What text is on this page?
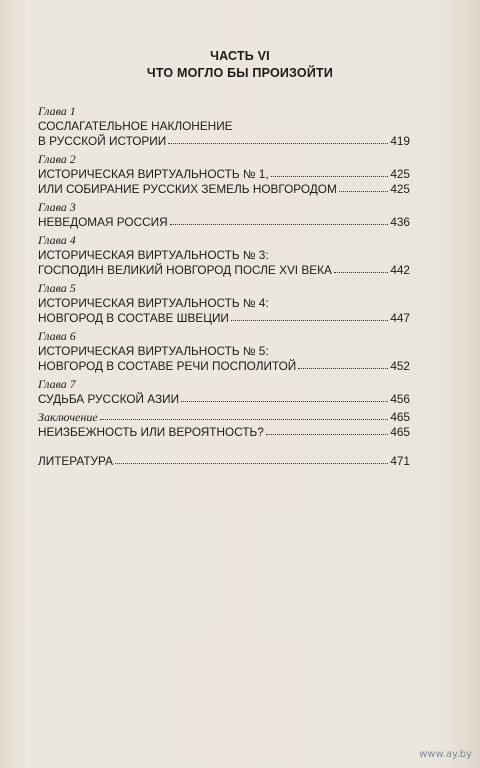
ЧАСТЬ VI
ЧТО МОГЛО БЫ ПРОИЗОЙТИ
Глава 1
СОСЛАГАТЕЛЬНОЕ НАКЛОНЕНИЕ
В РУССКОЙ ИСТОРИИ	419
Глава 2
ИСТОРИЧЕСКАЯ ВИРТУАЛЬНОСТЬ № 1,	425
ИЛИ СОБИРАНИЕ РУССКИХ ЗЕМЕЛЬ НОВГОРОДОМ	425
Глава 3
НЕВЕДОМАЯ РОССИЯ	436
Глава 4
ИСТОРИЧЕСКАЯ ВИРТУАЛЬНОСТЬ № 3:
ГОСПОДИН ВЕЛИКИЙ НОВГОРОД ПОСЛЕ XVI ВЕКА	442
Глава 5
ИСТОРИЧЕСКАЯ ВИРТУАЛЬНОСТЬ № 4:
НОВГОРОД В СОСТАВЕ ШВЕЦИИ	447
Глава 6
ИСТОРИЧЕСКАЯ ВИРТУАЛЬНОСТЬ № 5:
НОВГОРОД В СОСТАВЕ РЕЧИ ПОСПОЛИТОЙ	452
Глава 7
СУДЬБА РУССКОЙ АЗИИ	456
Заключение	465
НЕИЗБЕЖНОСТЬ ИЛИ ВЕРОЯТНОСТЬ?	465
ЛИТЕРАТУРА	471
www.ay.by
